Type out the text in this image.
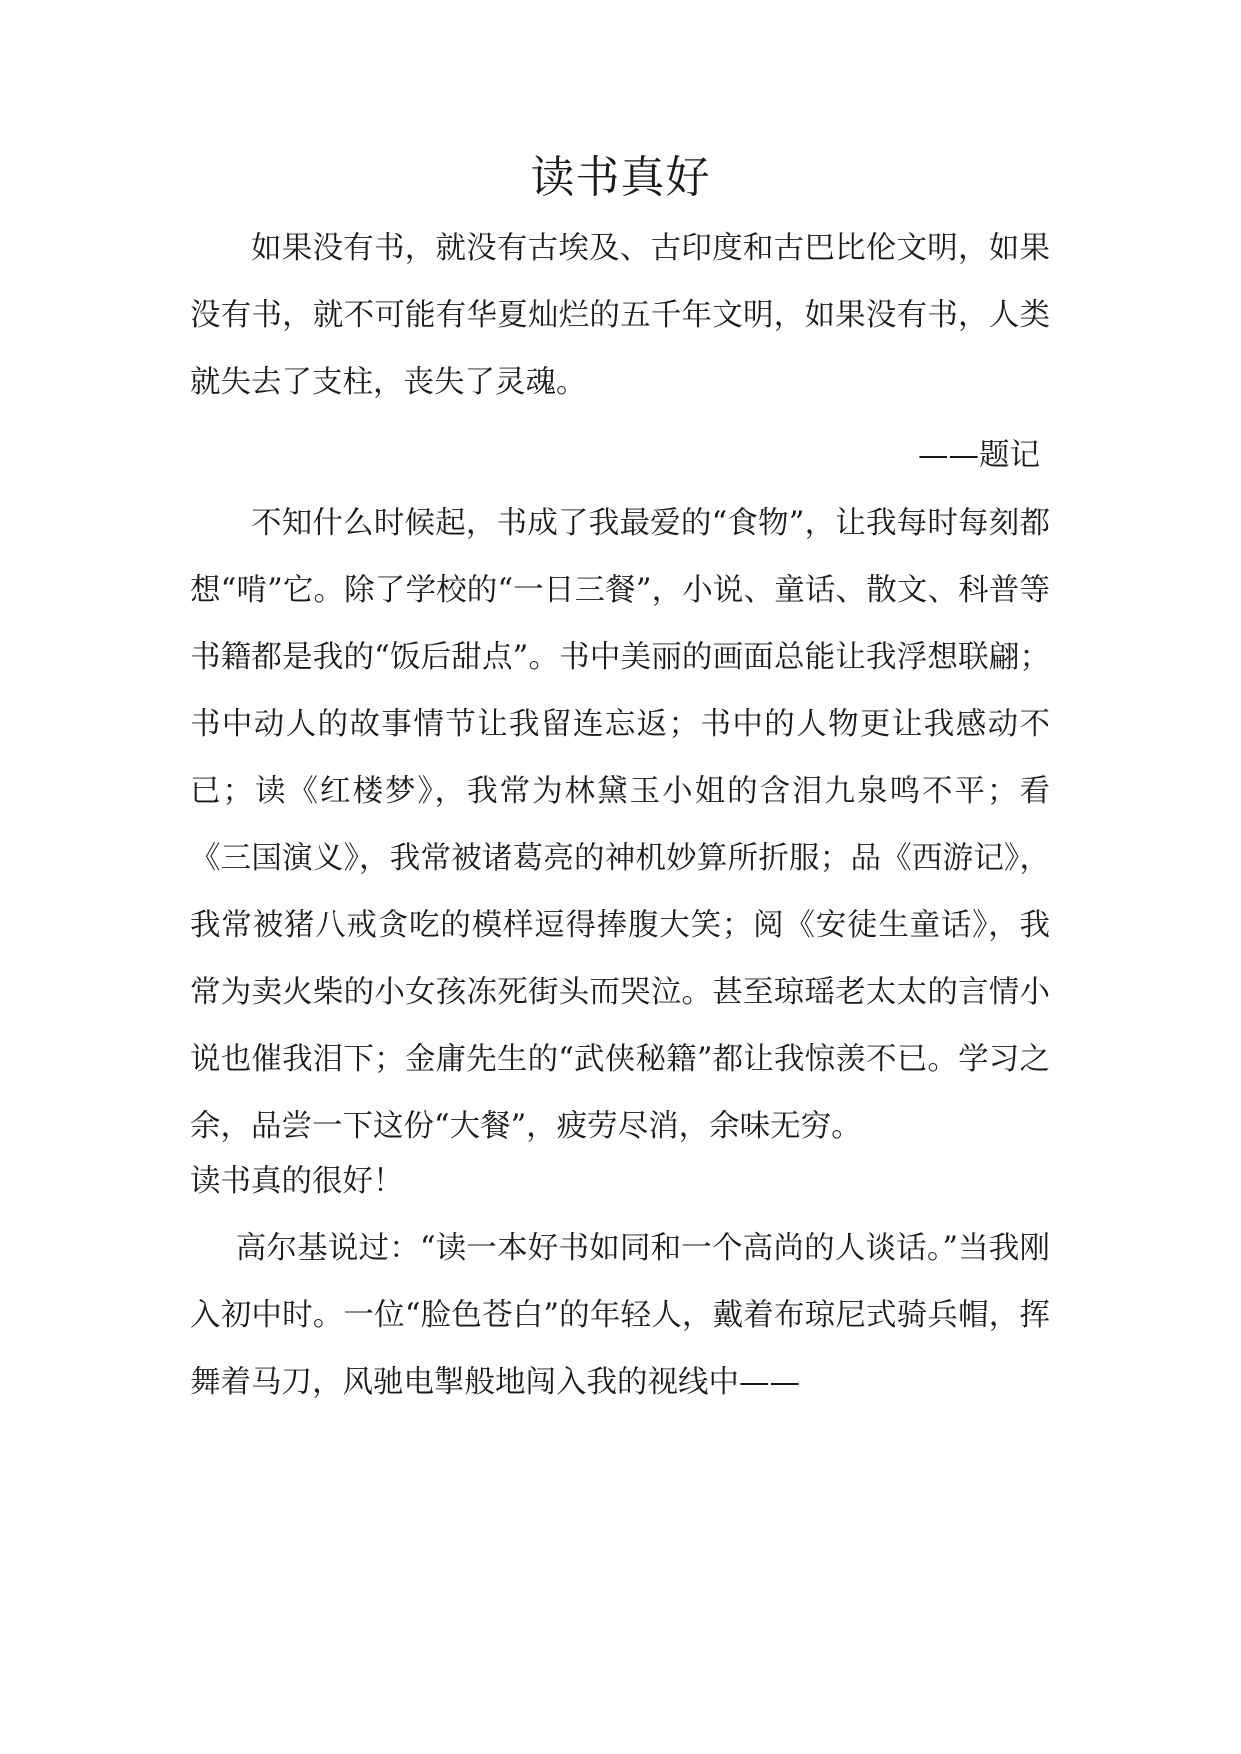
读书真好

如果没有书，就没有古埃及、古印度和古巴比伦文明，如果没有书，就不可能有华夏灿烂的五千年文明，如果没有书，人类就失去了支柱，丧失了灵魂。

——题记

不知什么时候起，书成了我最爱的“食物”，让我每时每刻都想“啃”它。除了学校的“一日三餐”，小说、童话、散文、科普等书籍都是我的“饭后甜点”。书中美丽的画面总能让我浮想联翩；书中动人的故事情节让我留连忘返；书中的人物更让我感动不已；读《红楼梦》，我常为林黛玉小姐的含泪九泉鸣不平；看《三国演义》，我常被诸葛亮的神机妙算所折服；品《西游记》，我常被猪八戒贪吃的模样逗得捧腹大笑；阅《安徒生童话》，我常为卖火柴的小女孩冻死街头而哭泣。甚至琼瑶老太太的言情小说也催我泪下；金庸先生的“武侠秘籍”都让我惊羡不已。学习之余，品尝一下这份“大餐”，疲劳尽消，余味无穷。

读书真的很好！

高尔基说过：“读一本好书如同和一个高尚的人谈话。”当我刚入初中时。一位“脸色苍白”的年轻人，戴着布琼尼式骑兵帽，挥舞着马刀，风驰电掣般地闯入我的视线中——
